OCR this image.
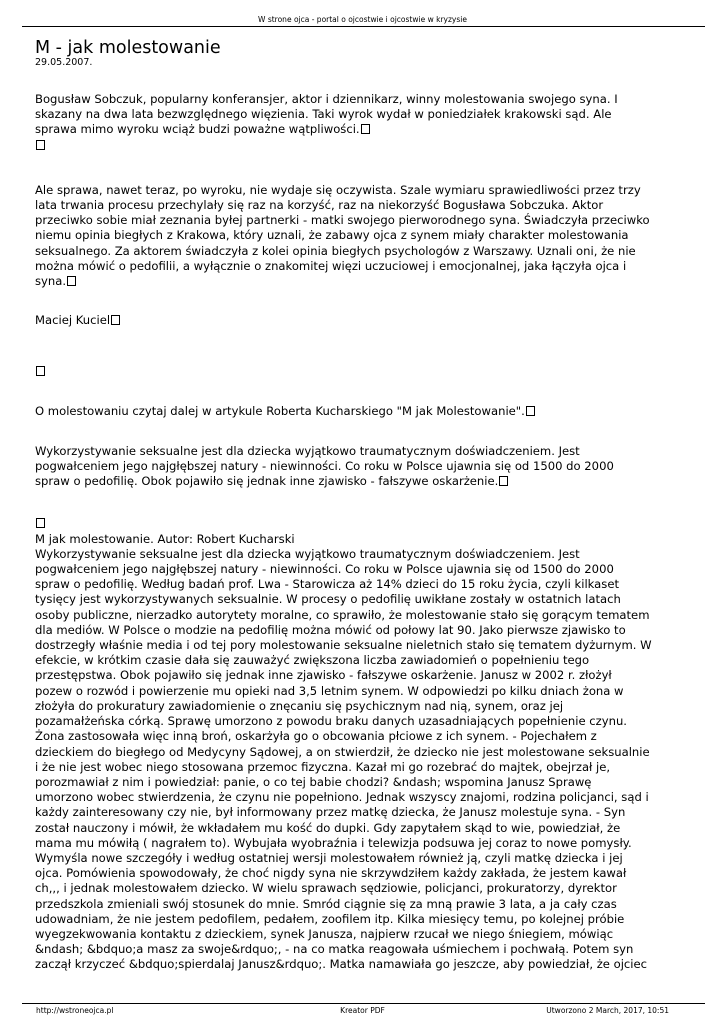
W strone ojca - portal o ojcostwie i ojcostwie w kryzysie
M - jak molestowanie
29.05.2007.
Bogusław Sobczuk, popularny konferansjer, aktor i dziennikarz, winny molestowania swojego syna. I
skazany na dwa lata bezwzględnego więzienia. Taki wyrok wydał w poniedziałek krakowski sąd. Ale
sprawa mimo wyroku wciąż budzi poważne wątpliwości.

Ale sprawa, nawet teraz, po wyroku, nie wydaje się oczywista. Szale wymiaru sprawiedliwości przez trzy
lata trwania procesu przechylały się raz na korzyść, raz na niekorzyść Bogusława Sobczuka. Aktor
przeciwko sobie miał zeznania byłej partnerki - matki swojego pierworodnego syna. Świadczyła przeciwko
niemu opinia biegłych z Krakowa, który uznali, że zabawy ojca z synem miały charakter molestowania
seksualnego. Za aktorem świadczyła z kolei opinia biegłych psychologów z Warszawy. Uznali oni, że nie
można mówić o pedofilii, a wyłącznie o znakomitej więzi uczuciowej i emocjonalnej, jaka łączyła ojca i
syna.
Maciej Kuciel
O molestowaniu czytaj dalej w artykule Roberta Kucharskiego "M jak Molestowanie".
Wykorzystywanie seksualne jest dla dziecka wyjątkowo traumatycznym doświadczeniem. Jest
pogwałceniem jego najgłębszej natury - niewinności. Co roku w Polsce ujawnia się od 1500 do 2000
spraw o pedofilię. Obok pojawiło się jednak inne zjawisko - fałszywe oskarżenie.
M jak molestowanie. Autor: Robert Kucharski
Wykorzystywanie seksualne jest dla dziecka wyjątkowo traumatycznym doświadczeniem. Jest
pogwałceniem jego najgłębszej natury - niewinności. Co roku w Polsce ujawnia się od 1500 do 2000
spraw o pedofilię. Według badań prof. Lwa - Starowicza aż 14% dzieci do 15 roku życia, czyli kilkaset
tysięcy jest wykorzystywanych seksualnie. W procesy o pedofilię uwikłane zostały w ostatnich latach
osoby publiczne, nierzadko autorytety moralne, co sprawiło, że molestowanie stało się gorącym tematem
dla mediów. W Polsce o modzie na pedofilię można mówić od połowy lat 90. Jako pierwsze zjawisko to
dostrzegły właśnie media i od tej pory molestowanie seksualne nieletnich stało się tematem dyżurnym. W
efekcie, w krótkim czasie dała się zauważyć zwiększona liczba zawiadomień o popełnieniu tego
przestępstwa. Obok pojawiło się jednak inne zjawisko - fałszywe oskarżenie. Janusz w 2002 r. złożył
pozew o rozwód i powierzenie mu opieki nad 3,5 letnim synem. W odpowiedzi po kilku dniach żona w
złożyła do prokuratury zawiadomienie o znęcaniu się psychicznym nad nią, synem, oraz jej
pozamałżeńska córką. Sprawę umorzono z powodu braku danych uzasadniających popełnienie czynu.
Żona zastosowała więc inną broń, oskarżyła go o obcowania płciowe z ich synem. - Pojechałem z
dzieckiem do biegłego od Medycyny Sądowej, a on stwierdził, że dziecko nie jest molestowane seksualnie
i że nie jest wobec niego stosowana przemoc fizyczna. Kazał mi go rozebrać do majtek, obejrzał je,
porozmawiał z nim i powiedział: panie, o co tej babie chodzi? &ndash; wspomina Janusz Sprawę
umorzono wobec stwierdzenia, że czynu nie popełniono. Jednak wszyscy znajomi, rodzina policjanci, sąd i
każdy zainteresowany czy nie, był informowany przez matkę dziecka, że Janusz molestuje syna. - Syn
został nauczony i mówił, że wkładałem mu kość do dupki. Gdy zapytałem skąd to wie, powiedział, że
mama mu mówiłą ( nagrałem to). Wybujała wyobraźnia i telewizja podsuwa jej coraz to nowe pomysły.
Wymyśla nowe szczegóły i według ostatniej wersji molestowałem również ją, czyli matkę dziecka i jej
ojca. Pomówienia spowodowały, że choć nigdy syna nie skrzywdziłem każdy zakłada, że jestem kawał
ch,,, i jednak molestowałem dziecko. W wielu sprawach sędziowie, policjanci, prokuratorzy, dyrektor
przedszkola zmieniali swój stosunek do mnie. Smród ciągnie się za mną prawie 3 lata, a ja cały czas
udowadniam, że nie jestem pedofilem, pedałem, zoofilem itp. Kilka miesięcy temu, po kolejnej próbie
wyegzekwowania kontaktu z dzieckiem, synek Janusza, najpierw rzucał we niego śniegiem, mówiąc
&ndash; &bdquo;a masz za swoje&rdquo;, - na co matka reagowała uśmiechem i pochwałą. Potem syn
zaczął krzyczeć &bdquo;spierdalaj Janusz&rdquo;. Matka namawiała go jeszcze, aby powiedział, że ojciec
http://wstroneojca.pl	Kreator PDF	Utworzono 2 March, 2017, 10:51
